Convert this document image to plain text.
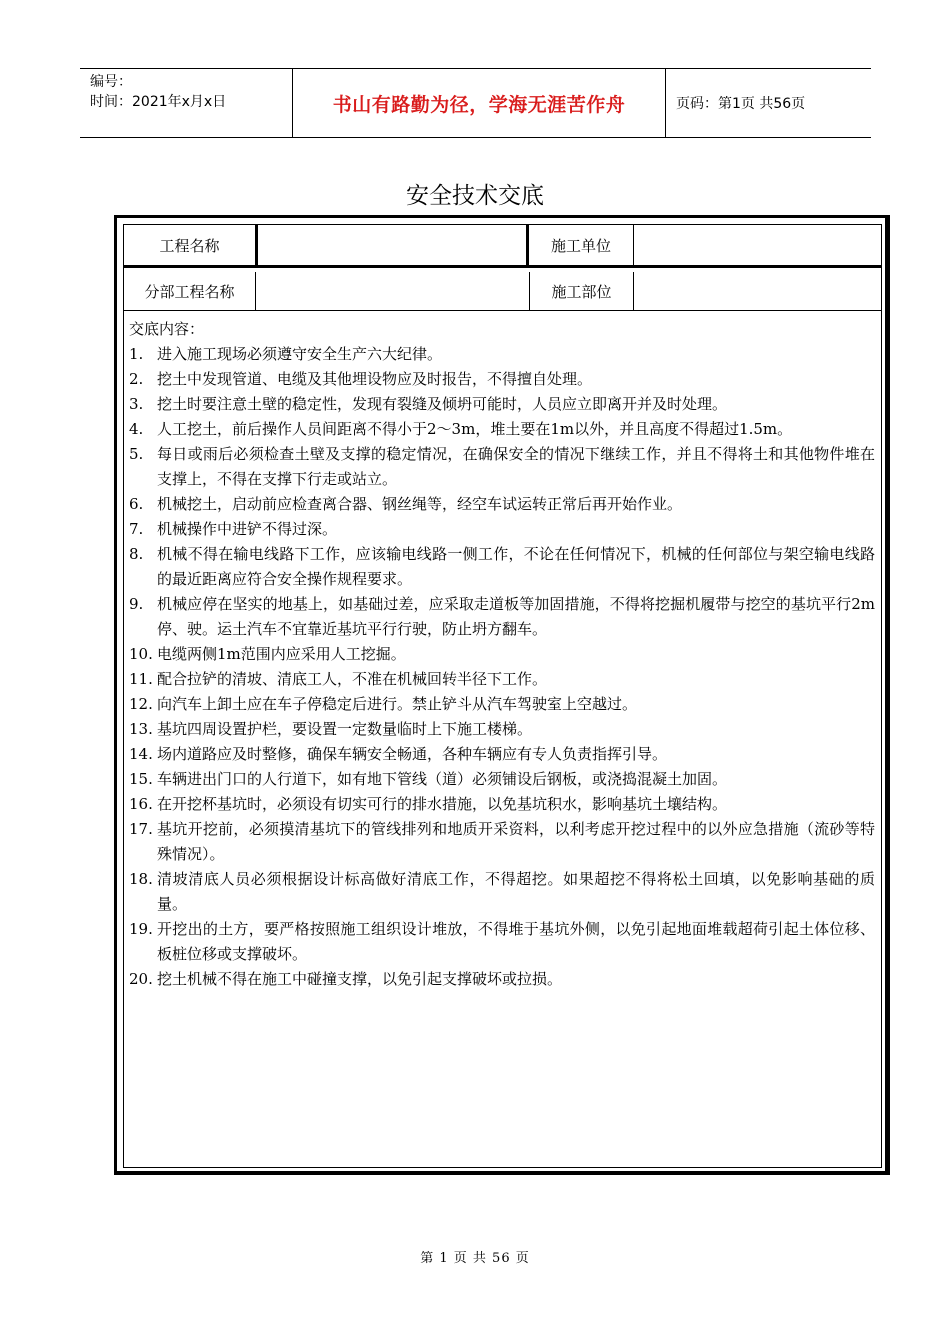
编号：
时间：2021年x月x日	书山有路勤为径，学海无涯苦作舟	页码：第1页 共56页
安全技术交底
工程名称	施工单位
分部工程名称	施工部位
交底内容：
1. 进入施工现场必须遵守安全生产六大纪律。
2. 挖土中发现管道、电缆及其他埋设物应及时报告，不得擅自处理。
3. 挖土时要注意土壁的稳定性，发现有裂缝及倾坍可能时，人员应立即离开并及时处理。
4. 人工挖土，前后操作人员间距离不得小于2～3m，堆土要在1m以外，并且高度不得超过1.5m。
5. 每日或雨后必须检查土壁及支撑的稳定情况，在确保安全的情况下继续工作，并且不得将土和其他物件堆在支撑上，不得在支撑下行走或站立。
6. 机械挖土，启动前应检查离合器、钢丝绳等，经空车试运转正常后再开始作业。
7. 机械操作中进铲不得过深。
8. 机械不得在输电线路下工作，应该输电线路一侧工作，不论在任何情况下，机械的任何部位与架空输电线路的最近距离应符合安全操作规程要求。
9. 机械应停在坚实的地基上，如基础过差，应采取走道板等加固措施，不得将挖掘机履带与挖空的基坑平行2m停、驶。运土汽车不宜靠近基坑平行行驶，防止坍方翻车。
10. 电缆两侧1m范围内应采用人工挖掘。
11. 配合拉铲的清坡、清底工人，不准在机械回转半径下工作。
12. 向汽车上卸土应在车子停稳定后进行。禁止铲斗从汽车驾驶室上空越过。
13. 基坑四周设置护栏，要设置一定数量临时上下施工楼梯。
14. 场内道路应及时整修，确保车辆安全畅通，各种车辆应有专人负责指挥引导。
15. 车辆进出门口的人行道下，如有地下管线（道）必须铺设后钢板，或浇捣混凝土加固。
16. 在开挖杯基坑时，必须设有切实可行的排水措施，以免基坑积水，影响基坑土壤结构。
17. 基坑开挖前，必须摸清基坑下的管线排列和地质开采资料，以利考虑开挖过程中的以外应急措施（流砂等特殊情况）。
18. 清坡清底人员必须根据设计标高做好清底工作，不得超挖。如果超挖不得将松土回填，以免影响基础的质量。
19. 开挖出的土方，要严格按照施工组织设计堆放，不得堆于基坑外侧，以免引起地面堆载超荷引起土体位移、板桩位移或支撑破坏。
20. 挖土机械不得在施工中碰撞支撑，以免引起支撑破坏或拉损。
第 1 页 共 56 页
